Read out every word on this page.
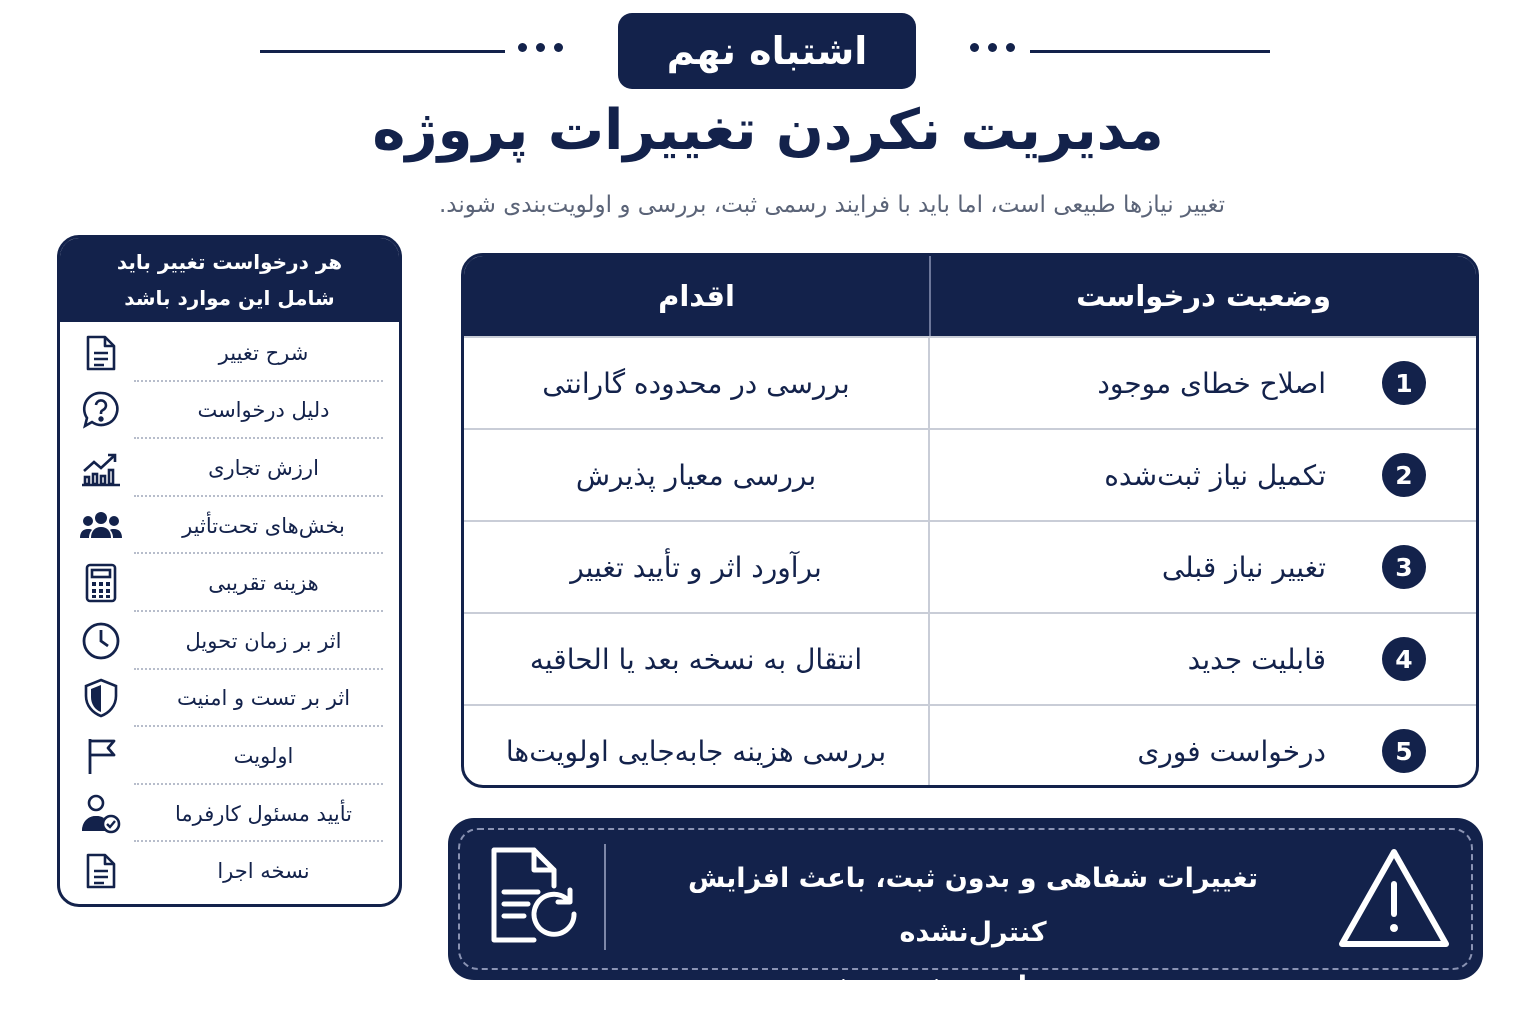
اشتباه نهم
مدیریت نکردن تغییرات پروژه
تغییر نیازها طبیعی است، اما باید با فرایند رسمی ثبت، بررسی و اولویت‌بندی شوند.
هر درخواست تغییر باید
شامل این موارد باشد
شرح تغییر
دلیل درخواست
ارزش تجاری
بخش‌های تحت‌تأثیر
هزینه تقریبی
اثر بر زمان تحویل
اثر بر تست و امنیت
اولویت
تأیید مسئول کارفرما
نسخه اجرا
وضعیت درخواست
اقدام
1
اصلاح خطای موجود
بررسی در محدوده گارانتی
2
تکمیل نیاز ثبت‌شده
بررسی معیار پذیرش
3
تغییر نیاز قبلی
برآورد اثر و تأیید تغییر
4
قابلیت جدید
انتقال به نسخه بعد یا الحاقیه
5
درخواست فوری
بررسی هزینه جابه‌جایی اولویت‌ها
تغییرات شفاهی و بدون ثبت، باعث افزایش کنترل‌نشده
هزینه و زمان پروژه می‌شوند.
